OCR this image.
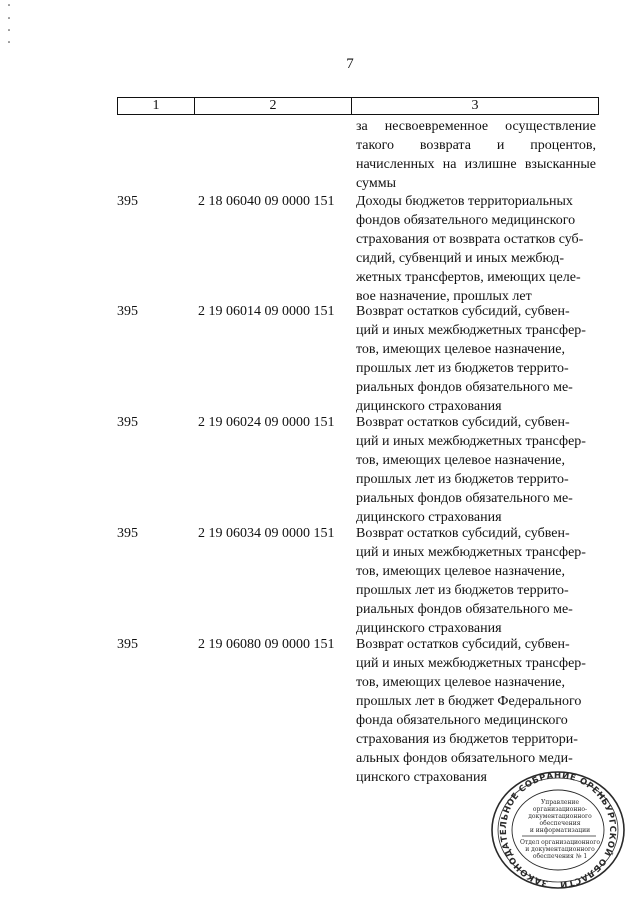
7
1	2	3
за несвоевременное осуществление такого возврата и процентов, начисленных на излишне взысканные суммы
395	2 18 06040 09 0000 151 Доходы бюджетов территориальных
фондов обязательного медицинского
страхования от возврата остатков суб-
сидий, субвенций и иных межбюд-
жетных трансфертов, имеющих целе-
вое назначение, прошлых лет
395	2 19 06014 09 0000 151 Возврат остатков субсидий, субвен-
ций и иных межбюджетных трансфер-
тов, имеющих целевое назначение,
прошлых лет из бюджетов террито-
риальных фондов обязательного ме-
дицинского страхования
395	2 19 06024 09 0000 151 Возврат остатков субсидий, субвен-
ций и иных межбюджетных трансфер-
тов, имеющих целевое назначение,
прошлых лет из бюджетов террито-
риальных фондов обязательного ме-
дицинского страхования
395	2 19 06034 09 0000 151 Возврат остатков субсидий, субвен-
ций и иных межбюджетных трансфер-
тов, имеющих целевое назначение,
прошлых лет из бюджетов террито-
риальных фондов обязательного ме-
дицинского страхования
395	2 19 06080 09 0000 151 Возврат остатков субсидий, субвен-
ций и иных межбюджетных трансфер-
тов, имеющих целевое назначение,
прошлых лет в бюджет Федерального
фонда обязательного медицинского
страхования из бюджетов территори-
альных фондов обязательного меди-
цинского страхования
ЗАКОНОДАТЕЛЬНОЕ СОБРАНИЕ ОРЕНБУРГСКОЙ ОБЛАСТИ
Управление
организационно-
документационного
обеспечения
и информатизации
Отдел организационного
и документационного
обеспечения № 1
